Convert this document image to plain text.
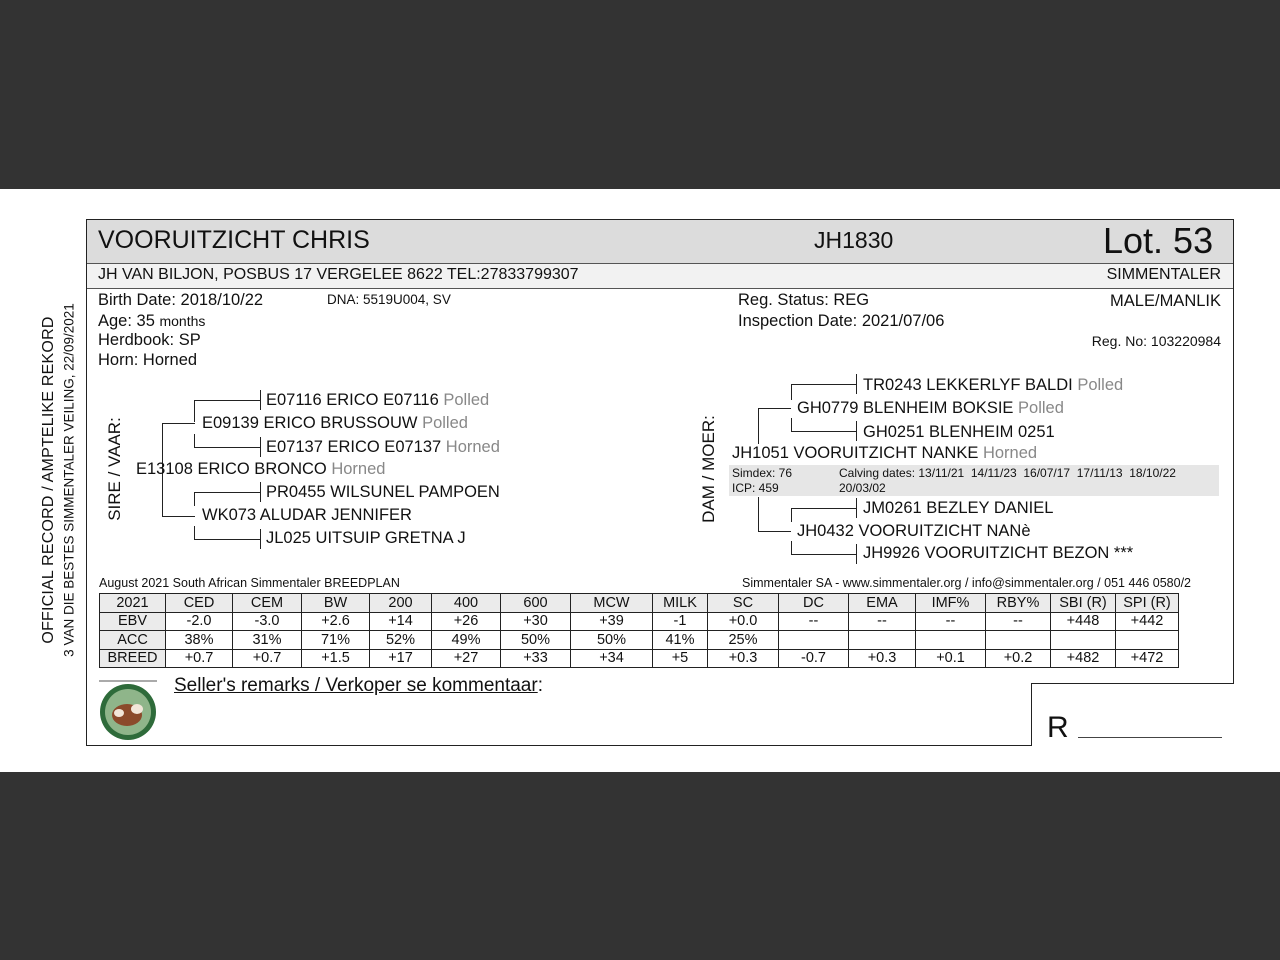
OFFICIAL RECORD / AMPTELIKE REKORD 3 VAN DIE BESTES SIMMENTALER VEILING, 22/09/2021
VOORUITZICHT CHRIS	JH1830	Lot. 53
JH VAN BILJON, POSBUS 17 VERGELEE 8622 TEL:27833799307	SIMMENTALER
Birth Date: 2018/10/22	DNA: 5519U004, SV
Age: 35 months
Herdbook: SP
Horn: Horned
Reg. Status: REG
Inspection Date: 2021/07/06
MALE/MANLIK
Reg. No: 103220984
SIRE / VAAR:	DAM / MOER:
E07116 ERICO E07116 Polled
E09139 ERICO BRUSSOUW Polled
E07137 ERICO E07137 Horned
E13108 ERICO BRONCO Horned
PR0455 WILSUNEL PAMPOEN
WK073 ALUDAR JENNIFER
JL025 UITSUIP GRETNA J
TR0243 LEKKERLYF BALDI Polled
GH0779 BLENHEIM BOKSIE Polled
GH0251 BLENHEIM 0251
JH1051 VOORUITZICHT NANKE Horned
Simdex: 76
ICP: 459
Calving dates: 13/11/21  14/11/23  16/07/17  17/11/13  18/10/22
20/03/02
JM0261 BEZLEY DANIEL
JH0432 VOORUITZICHT NANè
JH9926 VOORUITZICHT BEZON ***
August 2021 South African Simmentaler BREEDPLAN	Simmentaler SA - www.simmentaler.org / info@simmentaler.org / 051 446 0580/2
2021	CED	CEM	BW	200	400	600	MCW	MILK	SC	DC	EMA	IMF%	RBY%	SBI (R)	SPI (R)
EBV	-2.0	-3.0	+2.6	+14	+26	+30	+39	-1	+0.0	--	--	--	--	+448	+442
ACC	38%	31%	71%	52%	49%	50%	50%	41%	25%						
BREED	+0.7	+0.7	+1.5	+17	+27	+33	+34	+5	+0.3	-0.7	+0.3	+0.1	+0.2	+482	+472
Seller's remarks / Verkoper se kommentaar:
R
